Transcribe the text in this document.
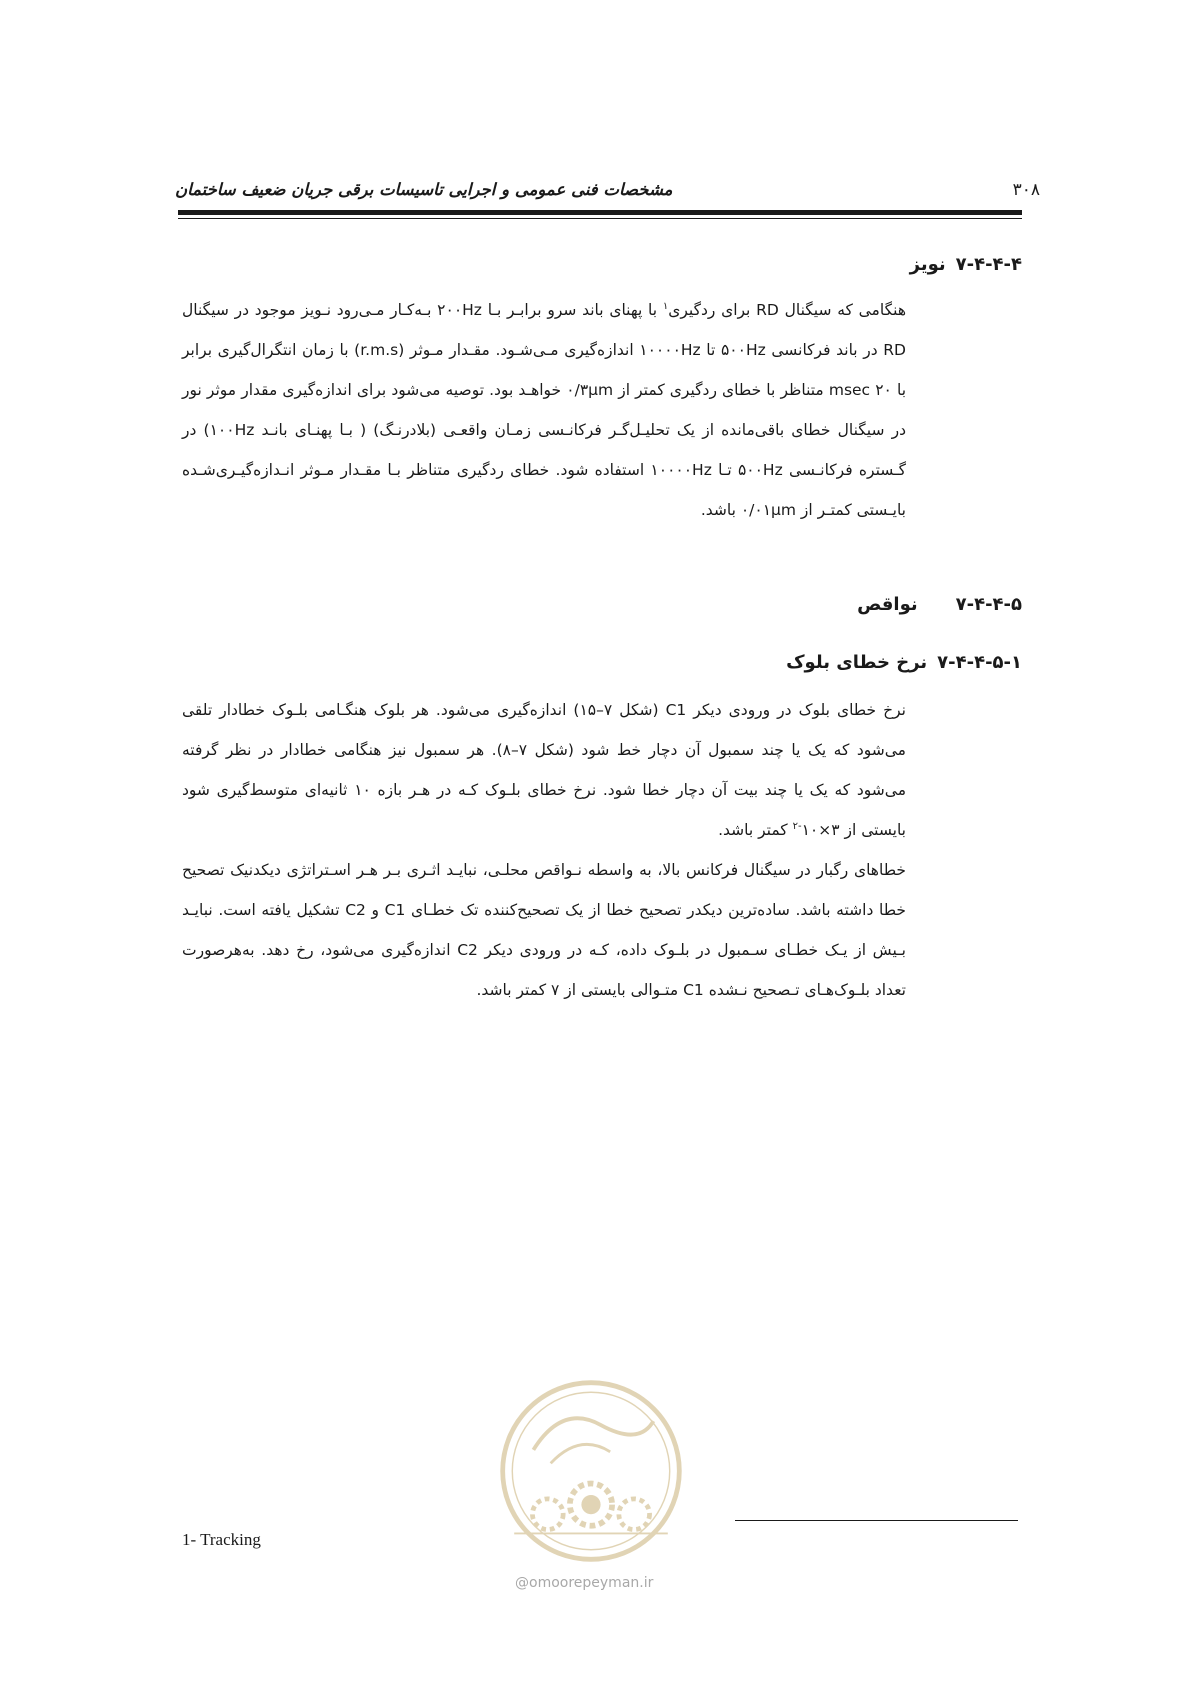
مشخصات فنی عمومی و اجرایی تاسیسات برقی جریان ضعیف ساختمان	۳۰۸
۷-۴-۴-۴نویز
هنگامی که سیگنال RD برای ردگیری$^۱$ با پهنای باند سرو برابـر بـا ۲۰۰Hz بـه‌کـار مـی‌رود نـویز موجود در سیگنال RD در باند فرکانسی ۵۰۰Hz تا ۱۰۰۰۰Hz اندازه‌گیری مـی‌شـود. مقـدار مـوثر (r.m.s) با زمان انتگرال‌گیری برابر با ۲۰ msec متناظر با خطای ردگیری کمتر از ۰/۳µm خواهـد بود. توصیه می‌شود برای اندازه‌گیری مقدار موثر نور در سیگنال خطای باقی‌مانده از یک تحلیـل‌گـر فرکانـسی زمـان واقعـی (بلادرنـگ) ( بـا پهنـای بانـد ۱۰۰Hz) در گـستره فرکانـسی ۵۰۰Hz تـا ۱۰۰۰۰Hz استفاده شود. خطای ردگیری متناظر بـا مقـدار مـوثر انـدازه‌گیـری‌شـده بایـستی کمتـر از ۰/۰۱µm باشد.
۷-۴-۴-۵نواقص
۷-۴-۴-۵-۱نرخ خطای بلوک
نرخ خطای بلوک در ورودی دیکر C1 (شکل ۷–۱۵) اندازه‌گیری می‌شود. هر بلوک هنگـامی بلـوک خطادار تلقی می‌شود که یک یا چند سمبول آن دچار خط شود (شکل ۷–۸). هر سمبول نیز هنگامی خطادار در نظر گرفته می‌شود که یک یا چند بیت آن دچار خطا شود. نرخ خطای بلـوک کـه در هـر بازه ۱۰ ثانیه‌ای متوسط‌گیری شود بایستی از $۳\times ۱۰^{-۲}$ کمتر باشد.
خطاهای رگبار در سیگنال فرکانس بالا، به واسطه نـواقص محلـی، نبایـد اثـری بـر هـر اسـتراتژی دیکدنیک تصحیح خطا داشته باشد. ساده‌ترین دیکدر تصحیح خطا از یک تصحیح‌کننده تک خطـای C1 و C2 تشکیل یافته است. نبایـد بـیش از یـک خطـای سـمبول در بلـوک داده، کـه در ورودی دیکر C2 اندازه‌گیری می‌شود، رخ دهد. به‌هرصورت تعداد بلـوک‌هـای تـصحیح نـشده C1 متـوالی بایستی از ۷ کمتر باشد.
@omoorepeyman.ir
1- Tracking
